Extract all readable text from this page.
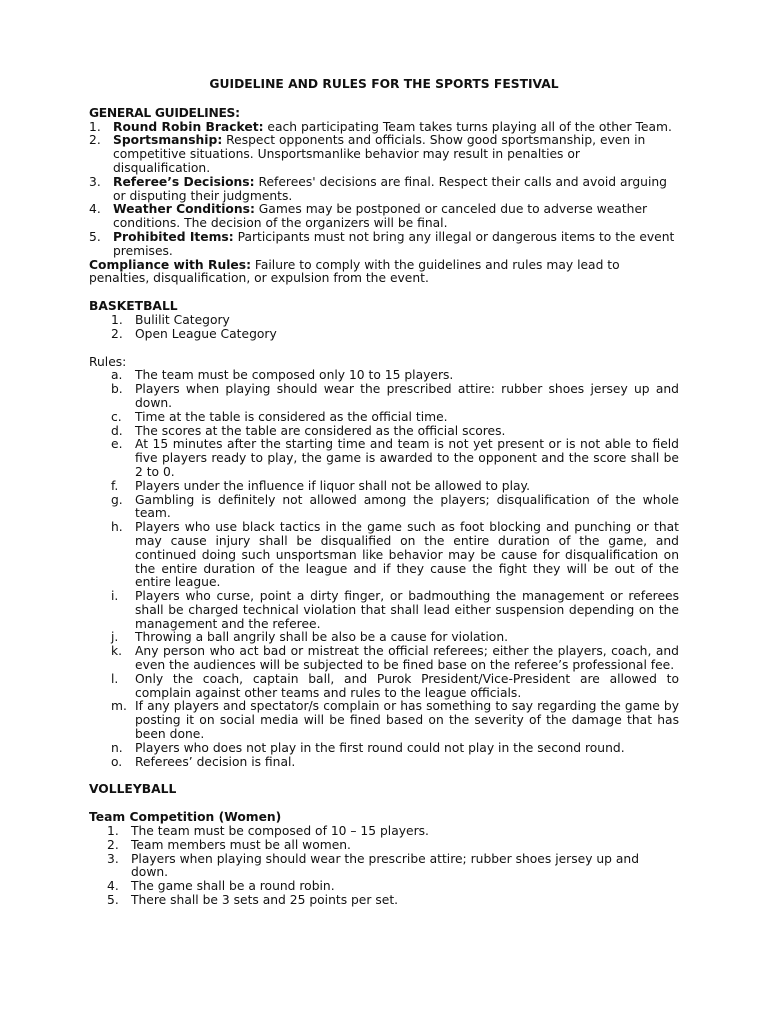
GUIDELINE AND RULES FOR THE SPORTS FESTIVAL

GENERAL GUIDELINES:

1. Round Robin Bracket: each participating Team takes turns playing all of the other Team.
2. Sportsmanship: Respect opponents and officials. Show good sportsmanship, even in competitive situations. Unsportsmanlike behavior may result in penalties or disqualification.
3. Referee’s Decisions: Referees' decisions are final. Respect their calls and avoid arguing or disputing their judgments.
4. Weather Conditions: Games may be postponed or canceled due to adverse weather conditions. The decision of the organizers will be final.
5. Prohibited Items: Participants must not bring any illegal or dangerous items to the event premises.

Compliance with Rules: Failure to comply with the guidelines and rules may lead to penalties, disqualification, or expulsion from the event.

BASKETBALL

1. Bulilit Category
2. Open League Category

Rules:

a. The team must be composed only 10 to 15 players.
b. Players when playing should wear the prescribed attire: rubber shoes jersey up and down.
c. Time at the table is considered as the official time.
d. The scores at the table are considered as the official scores.
e. At 15 minutes after the starting time and team is not yet present or is not able to field five players ready to play, the game is awarded to the opponent and the score shall be 2 to 0.
f. Players under the influence if liquor shall not be allowed to play.
g. Gambling is definitely not allowed among the players; disqualification of the whole team.
h. Players who use black tactics in the game such as foot blocking and punching or that may cause injury shall be disqualified on the entire duration of the game, and continued doing such unsportsman like behavior may be cause for disqualification on the entire duration of the league and if they cause the fight they will be out of the entire league.
i. Players who curse, point a dirty finger, or badmouthing the management or referees shall be charged technical violation that shall lead either suspension depending on the management and the referee.
j. Throwing a ball angrily shall be also be a cause for violation.
k. Any person who act bad or mistreat the official referees; either the players, coach, and even the audiences will be subjected to be fined base on the referee’s professional fee.
l. Only the coach, captain ball, and Purok President/Vice-President are allowed to complain against other teams and rules to the league officials.
m. If any players and spectator/s complain or has something to say regarding the game by posting it on social media will be fined based on the severity of the damage that has been done.
n. Players who does not play in the first round could not play in the second round.
o. Referees’ decision is final.

VOLLEYBALL

Team Competition (Women)

1. The team must be composed of 10 – 15 players.
2. Team members must be all women.
3. Players when playing should wear the prescribe attire; rubber shoes jersey up and down.
4. The game shall be a round robin.
5. There shall be 3 sets and 25 points per set.
